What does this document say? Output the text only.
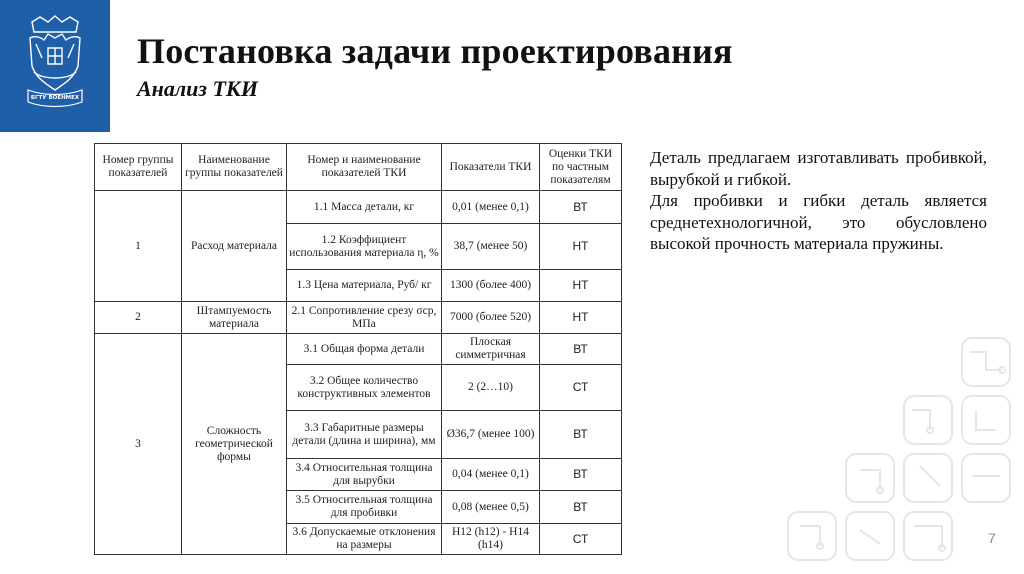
БГТУ ВОЕНМЕХ
Постановка задачи проектирования
Анализ ТКИ
Номер группы показателей	Наименование группы показателей	Номер и наименование показателей ТКИ	Показатели ТКИ	Оценки ТКИ по частным показателям
1	Расход материала	1.1 Масса детали, кг	0,01 (менее 0,1)	ВТ
		1.2 Коэффициент использования материала η, %	38,7 (менее 50)	НТ
		1.3 Цена материала, Руб/ кг	1300 (более 400)	НТ
2	Штампуемость материала	2.1 Сопротивление срезу σср, МПа	7000 (более 520)	НТ
3	Сложность геометрической формы	3.1 Общая форма детали	Плоская симметричная	ВТ
		3.2 Общее количество конструктивных элементов	2 (2…10)	СТ
		3.3 Габаритные размеры детали (длина и ширина), мм	Ø36,7 (менее 100)	ВТ
		3.4 Относительная толщина для вырубки	0,04 (менее 0,1)	ВТ
		3.5 Относительная толщина для пробивки	0,08 (менее 0,5)	ВТ
		3.6 Допускаемые отклонения на размеры	H12 (h12) - H14 (h14)	СТ

Деталь предлагаем изготавливать пробивкой, вырубкой и гибкой.

Для пробивки и гибки деталь является среднетехнологичной, это обусловлено высокой прочность материала пружины.

7
